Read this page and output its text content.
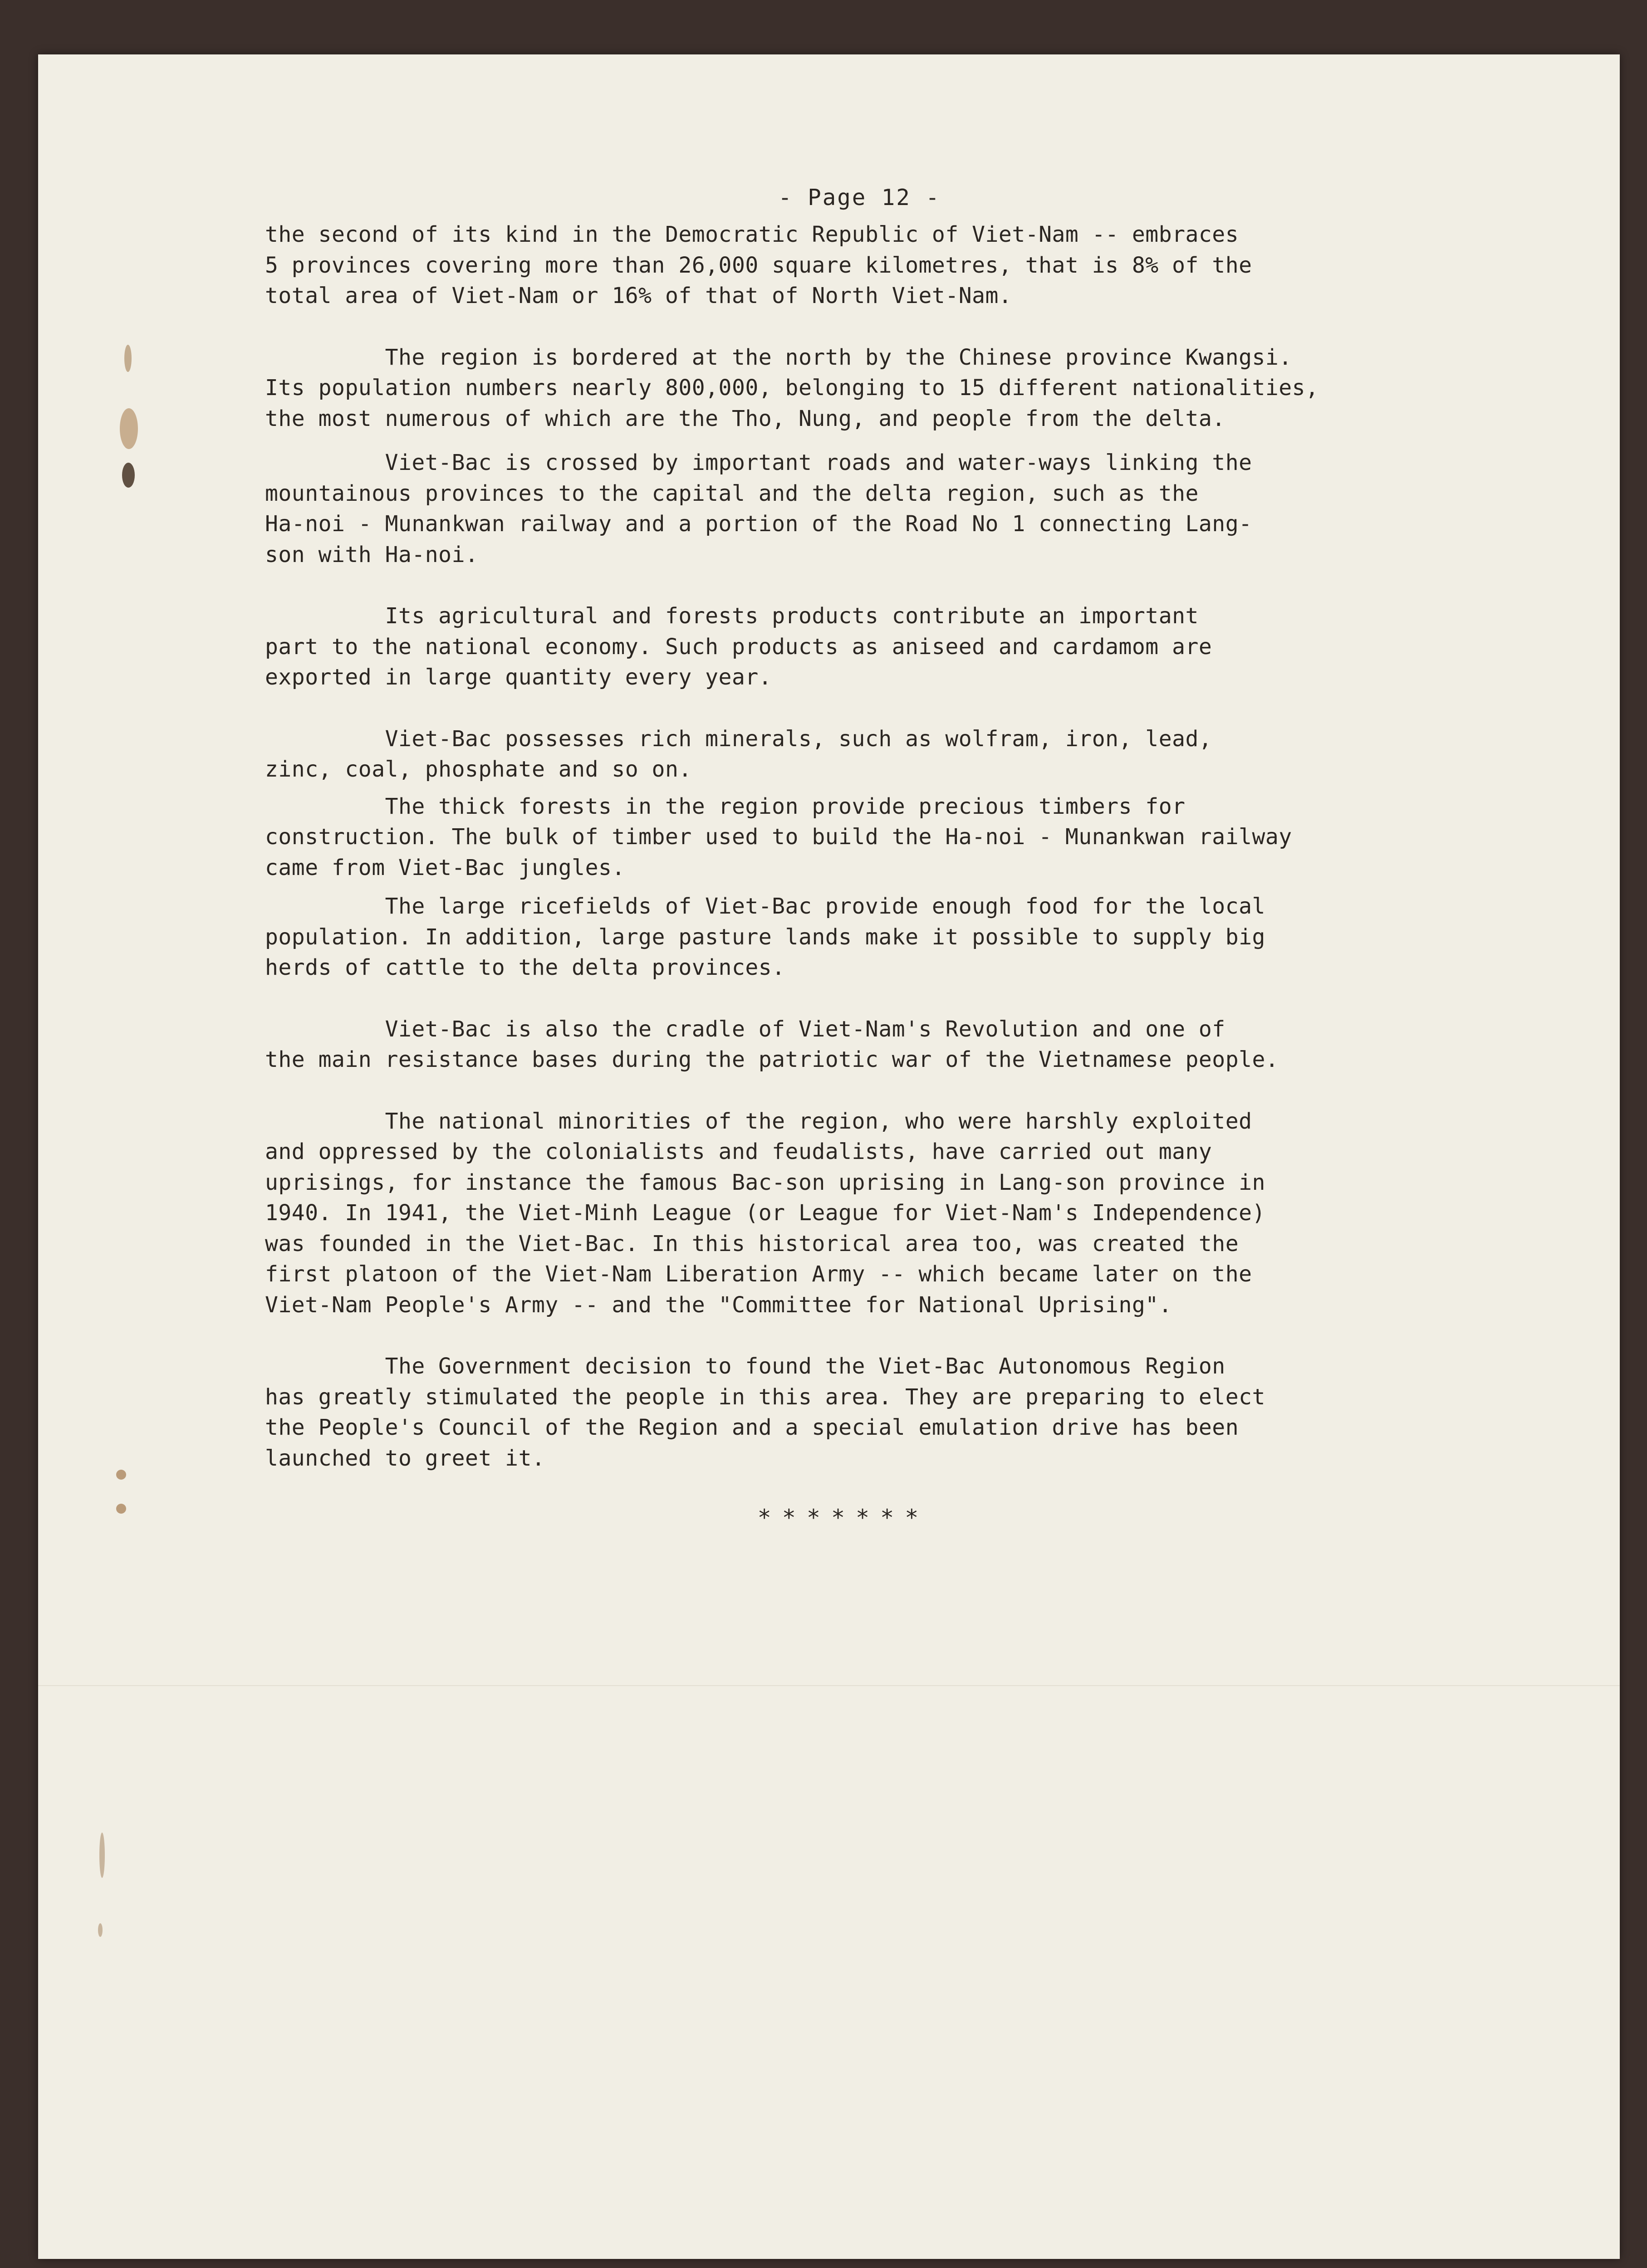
- Page 12 -
the second of its kind in the Democratic Republic of Viet-Nam -- embraces
5 provinces covering more than 26,000 square kilometres, that is 8% of the
total area of Viet-Nam or 16% of that of North Viet-Nam.
The region is bordered at the north by the Chinese province Kwangsi.
Its population numbers nearly 800,000, belonging to 15 different nationalities,
the most numerous of which are the Tho, Nung, and people from the delta.
Viet-Bac is crossed by important roads and water-ways linking the
mountainous provinces to the capital and the delta region, such as the
Ha-noi - Munankwan railway and a portion of the Road No 1 connecting Lang-
son with Ha-noi.
Its agricultural and forests products contribute an important
part to the national economy. Such products as aniseed and cardamom are
exported in large quantity every year.
Viet-Bac possesses rich minerals, such as wolfram, iron, lead,
zinc, coal, phosphate and so on.
The thick forests in the region provide precious timbers for
construction. The bulk of timber used to build the Ha-noi - Munankwan railway
came from Viet-Bac jungles.
The large ricefields of Viet-Bac provide enough food for the local
population. In addition, large pasture lands make it possible to supply big
herds of cattle to the delta provinces.
Viet-Bac is also the cradle of Viet-Nam's Revolution and one of
the main resistance bases during the patriotic war of the Vietnamese people.
The national minorities of the region, who were harshly exploited
and oppressed by the colonialists and feudalists, have carried out many
uprisings, for instance the famous Bac-son uprising in Lang-son province in
1940. In 1941, the Viet-Minh League (or League for Viet-Nam's Independence)
was founded in the Viet-Bac. In this historical area too, was created the
first platoon of the Viet-Nam Liberation Army -- which became later on the
Viet-Nam People's Army -- and the "Committee for National Uprising".
The Government decision to found the Viet-Bac Autonomous Region
has greatly stimulated the people in this area. They are preparing to elect
the People's Council of the Region and a special emulation drive has been
launched to greet it.
*******
